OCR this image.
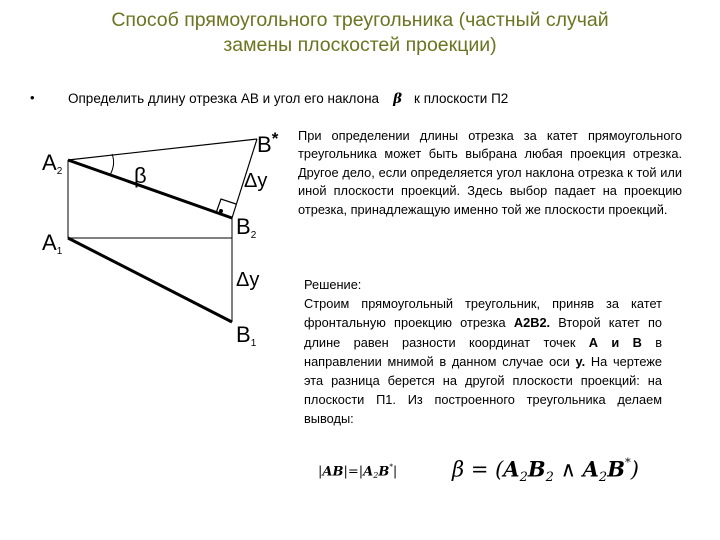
Способ прямоугольного треугольника (частный случай
замены плоскостей проекции)
• Определить длину отрезка АВ и угол его наклона β к плоскости П2
A2
A1
B*
B2
B1
β	Δy
Δy
При определении длины отрезка за катет прямоугольного треугольника может быть выбрана любая проекция отрезка. Другое дело, если определяется угол наклона отрезка к той или иной плоскости проекций. Здесь выбор падает на проекцию отрезка, принадлежащую именно той же плоскости проекций.
Решение:
Строим прямоугольный треугольник, приняв за катет фронтальную проекцию отрезка A2B2. Второй катет по длине равен разности координат точек А и В в направлении мнимой в данном случае оси y. На чертеже эта разница берется на другой плоскости проекций: на плоскости П1. Из построенного треугольника делаем выводы:
$|AB|=|A_2B^*|$	$\beta = (A_2B_2$ ∧ $A_2B^*$)
